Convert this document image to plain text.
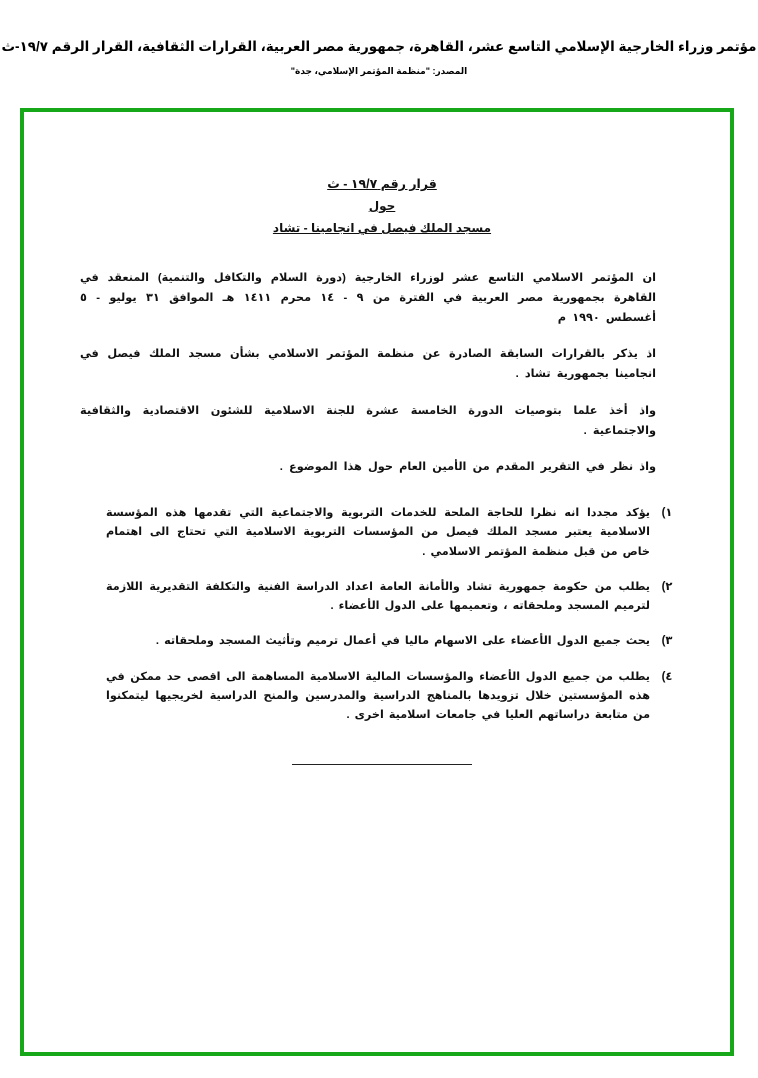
مؤتمر وزراء الخارجية الإسلامي التاسع عشر، القاهرة، جمهورية مصر العربية، القرارات الثقافية، القرار الرقم ١٩/٧-ث
المصدر: "منظمة المؤتمر الإسلامي، جدة"
قرار رقم ١٩/٧ - ث
حول
مسجد الملك فيصل في انجامينا - تشاد

ان المؤتمر الاسلامي التاسع عشر لوزراء الخارجية (دورة السلام والتكافل والتنمية) المنعقد في القاهرة بجمهورية مصر العربية في الفترة من ٩ - ١٤ محرم ١٤١١ هـ الموافق ٣١ يوليو - ٥ أغسطس ١٩٩٠ م

اذ يذكر بالقرارات السابقة الصادرة عن منظمة المؤتمر الاسلامي بشأن مسجد الملك فيصل في انجامينا بجمهورية تشاد .

واذ أخذ علما بتوصيات الدورة الخامسة عشرة للجنة الاسلامية للشئون الاقتصادية والثقافية والاجتماعية .

واذ نظر في التقرير المقدم من الأمين العام حول هذا الموضوع .

١)
يؤكد مجددا انه نظرا للحاجة الملحة للخدمات التربوية والاجتماعية التي تقدمها هذه المؤسسة الاسلامية يعتبر مسجد الملك فيصل من المؤسسات التربوية الاسلامية التي تحتاج الى اهتمام خاص من قبل منظمة المؤتمر الاسلامي .
٢)
يطلب من حكومة جمهورية تشاد والأمانة العامة اعداد الدراسة الفنية والتكلفة التقديرية اللازمة لترميم المسجد وملحقاته ، وتعميمها على الدول الأعضاء .
٣)
يحث جميع الدول الأعضاء على الاسهام ماليا في أعمال ترميم وتأثيث المسجد وملحقاته .
٤)
يطلب من جميع الدول الأعضاء والمؤسسات المالية الاسلامية المساهمة الى اقصى حد ممكن في هذه المؤسستين خلال تزويدها بالمناهج الدراسية والمدرسين والمنح الدراسية لخريجيها ليتمكنوا من متابعة دراساتهم العليا في جامعات اسلامية اخرى .
